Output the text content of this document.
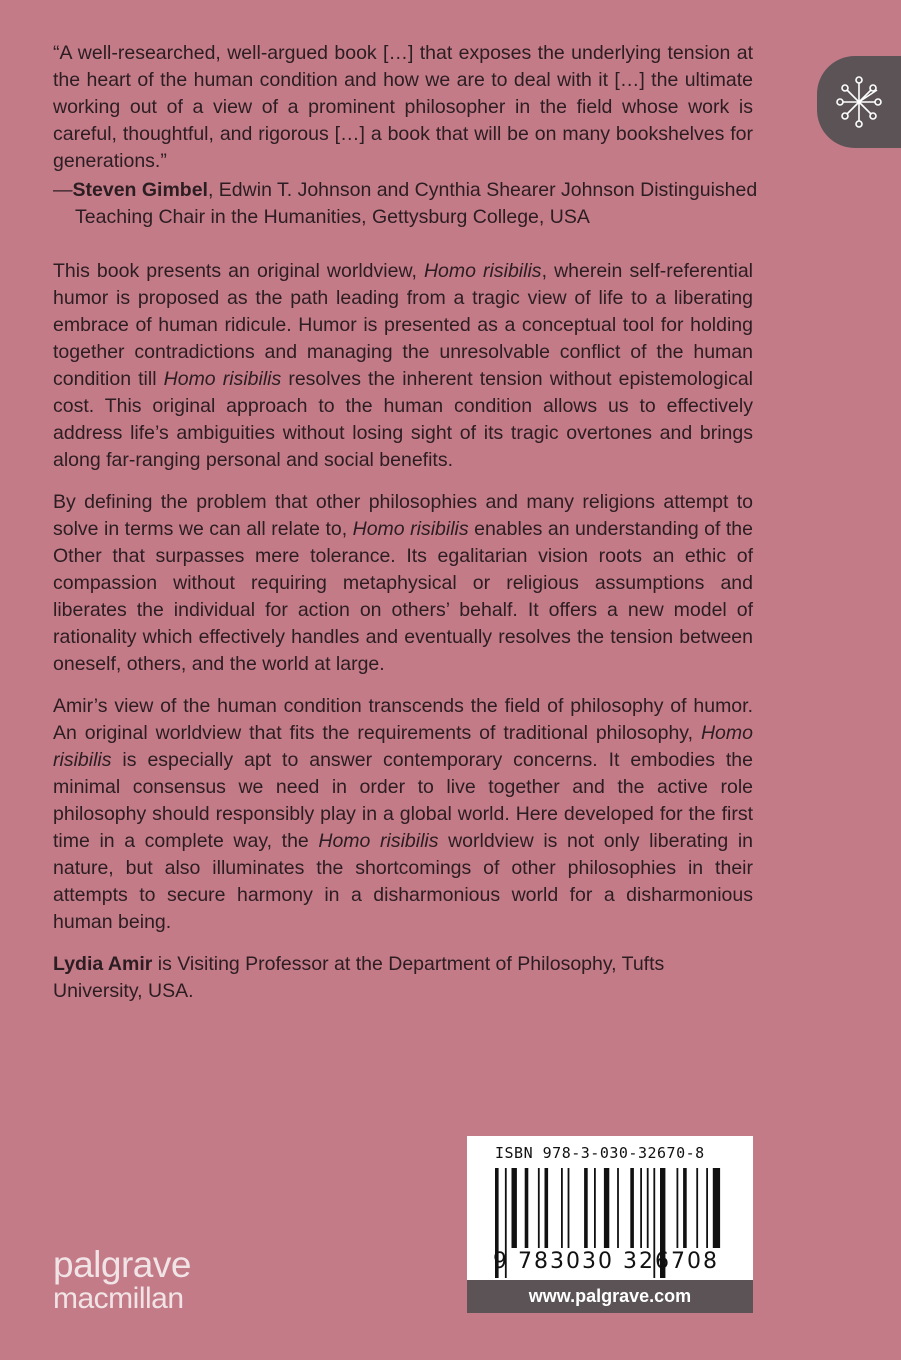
“A well-researched, well-argued book […] that exposes the underlying tension at the heart of the human condition and how we are to deal with it […] the ultimate working out of a view of a prominent philosopher in the field whose work is careful, thoughtful, and rigorous […] a book that will be on many bookshelves for generations.”
—Steven Gimbel, Edwin T. Johnson and Cynthia Shearer Johnson Distinguished Teaching Chair in the Humanities, Gettysburg College, USA

This book presents an original worldview, Homo risibilis, wherein self-referential humor is proposed as the path leading from a tragic view of life to a liberating embrace of human ridicule. Humor is presented as a conceptual tool for holding together contradictions and managing the unresolvable conflict of the human condition till Homo risibilis resolves the inherent tension without epistemological cost. This original approach to the human condition allows us to effectively address life’s ambiguities without losing sight of its tragic overtones and brings along far-ranging personal and social benefits.

By defining the problem that other philosophies and many religions attempt to solve in terms we can all relate to, Homo risibilis enables an understanding of the Other that surpasses mere tolerance. Its egalitarian vision roots an ethic of compassion without requiring metaphysical or religious assumptions and liberates the individual for action on others’ behalf. It offers a new model of rationality which effectively handles and eventually resolves the tension between oneself, others, and the world at large.

Amir’s view of the human condition transcends the field of philosophy of humor. An original worldview that fits the requirements of traditional philosophy, Homo risibilis is especially apt to answer contemporary concerns. It embodies the minimal consensus we need in order to live together and the active role philosophy should responsibly play in a global world. Here developed for the first time in a complete way, the Homo risibilis worldview is not only liberating in nature, but also illuminates the shortcomings of other philosophies in their attempts to secure harmony in a disharmonious world for a disharmonious human being.

Lydia Amir is Visiting Professor at the Department of Philosophy, Tufts University, USA.

palgrave
macmillan
ISBN 978-3-030-32670-8
9 783030 326708
www.palgrave.com
